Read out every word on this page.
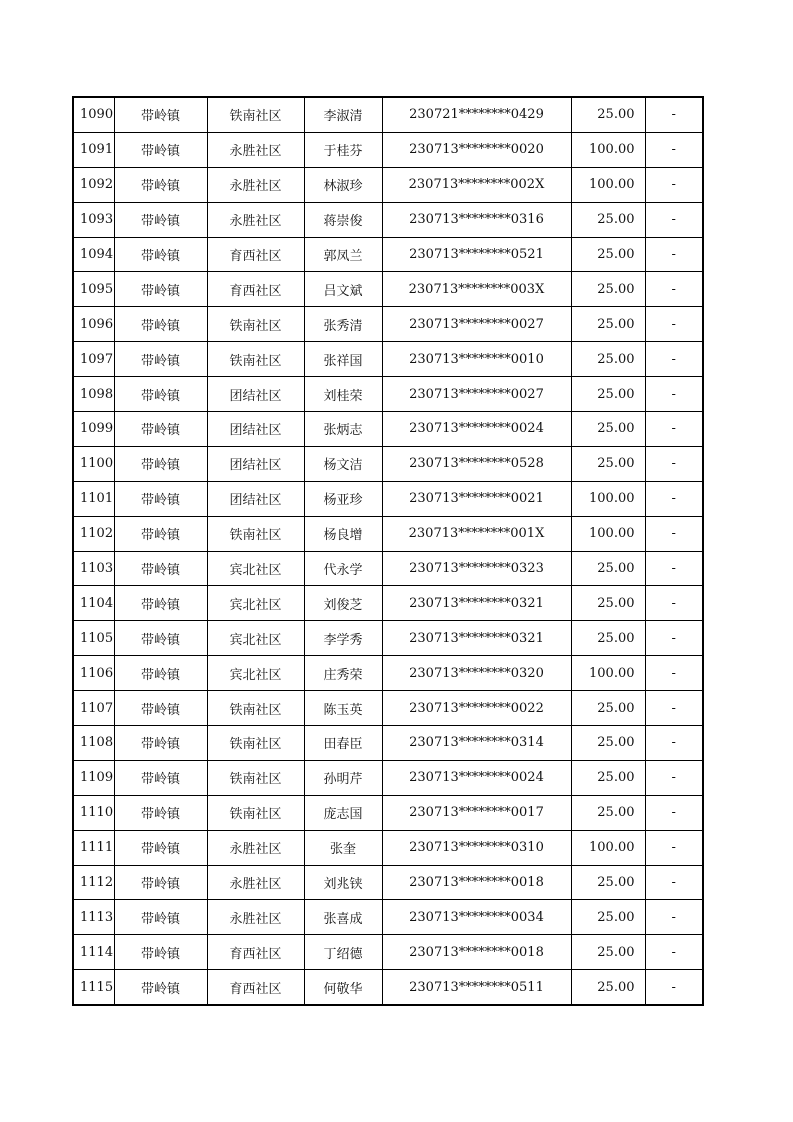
1090	带岭镇	铁南社区	李淑清	230721********0429	25.00	-
1091	带岭镇	永胜社区	于桂芬	230713********0020	100.00	-
1092	带岭镇	永胜社区	林淑珍	230713********002X	100.00	-
1093	带岭镇	永胜社区	蒋崇俊	230713********0316	25.00	-
1094	带岭镇	育西社区	郭凤兰	230713********0521	25.00	-
1095	带岭镇	育西社区	吕文斌	230713********003X	25.00	-
1096	带岭镇	铁南社区	张秀清	230713********0027	25.00	-
1097	带岭镇	铁南社区	张祥国	230713********0010	25.00	-
1098	带岭镇	团结社区	刘桂荣	230713********0027	25.00	-
1099	带岭镇	团结社区	张炳志	230713********0024	25.00	-
1100	带岭镇	团结社区	杨文洁	230713********0528	25.00	-
1101	带岭镇	团结社区	杨亚珍	230713********0021	100.00	-
1102	带岭镇	铁南社区	杨良增	230713********001X	100.00	-
1103	带岭镇	宾北社区	代永学	230713********0323	25.00	-
1104	带岭镇	宾北社区	刘俊芝	230713********0321	25.00	-
1105	带岭镇	宾北社区	李学秀	230713********0321	25.00	-
1106	带岭镇	宾北社区	庄秀荣	230713********0320	100.00	-
1107	带岭镇	铁南社区	陈玉英	230713********0022	25.00	-
1108	带岭镇	铁南社区	田春臣	230713********0314	25.00	-
1109	带岭镇	铁南社区	孙明芹	230713********0024	25.00	-
1110	带岭镇	铁南社区	庞志国	230713********0017	25.00	-
1111	带岭镇	永胜社区	张奎	230713********0310	100.00	-
1112	带岭镇	永胜社区	刘兆铗	230713********0018	25.00	-
1113	带岭镇	永胜社区	张喜成	230713********0034	25.00	-
1114	带岭镇	育西社区	丁绍德	230713********0018	25.00	-
1115	带岭镇	育西社区	何敬华	230713********0511	25.00	-
